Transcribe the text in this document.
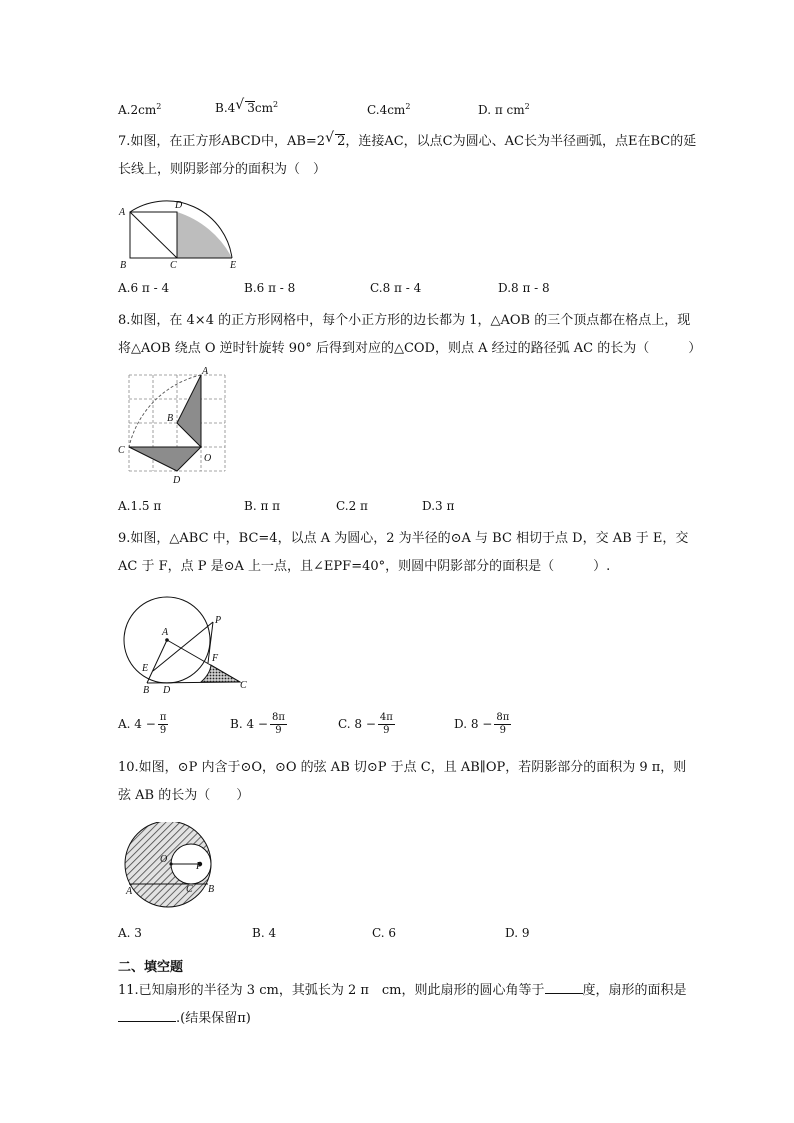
$A.2cm^2$	B.4 √ $3cm^2$	$C.4cm^2$	D. π $cm^2$
7.如图，在正方形ABCD中，AB=2 √ 2，连接AC，以点C为圆心、AC长为半径画弧，点E在BC的延长线上，则阴影部分的面积为（　）
A
D
B	C	E
A.6 π - 4	B.6 π - 8	C.8 π - 4	D.8 π - 8
8.如图，在 4×4 的正方形网格中，每个小正方形的边长都为 1，△AOB 的三个顶点都在格点上，现将△AOB 绕点 O 逆时针旋转 90° 后得到对应的△COD，则点 A 经过的路径弧 AC 的长为（　　　）
A
B
C
O
D
A.1.5 π	B. π π	C.2 π	D.3 π
9.如图，△ABC 中，BC=4，以点 A 为圆心，2 为半径的⊙A 与 BC 相切于点 D，交 AB 于 E，交 AC 于 F，点 P 是⊙A 上一点，且∠EPF=40°，则圆中阴影部分的面积是（　　　）.
A
P
E
F
B D	C
A. $4 - \frac{\pi}{9}$	B. $4 - \frac{8\pi}{9}$	C. $8 - \frac{4\pi}{9}$	D. $8 - \frac{8\pi}{9}$
10.如图，⊙P 内含于⊙O，⊙O 的弦 AB 切⊙P 于点 C，且 AB∥OP，若阴影部分的面积为 9 π，则弦 AB 的长为（　　）
O
P
A	C B
A. 3	B. 4	C. 6	D. 9
二、填空题
11.已知扇形的半径为 3 cm，其弧长为 2 π　cm，则此扇形的圆心角等于	度，扇形的面积是.(结果保留π)
